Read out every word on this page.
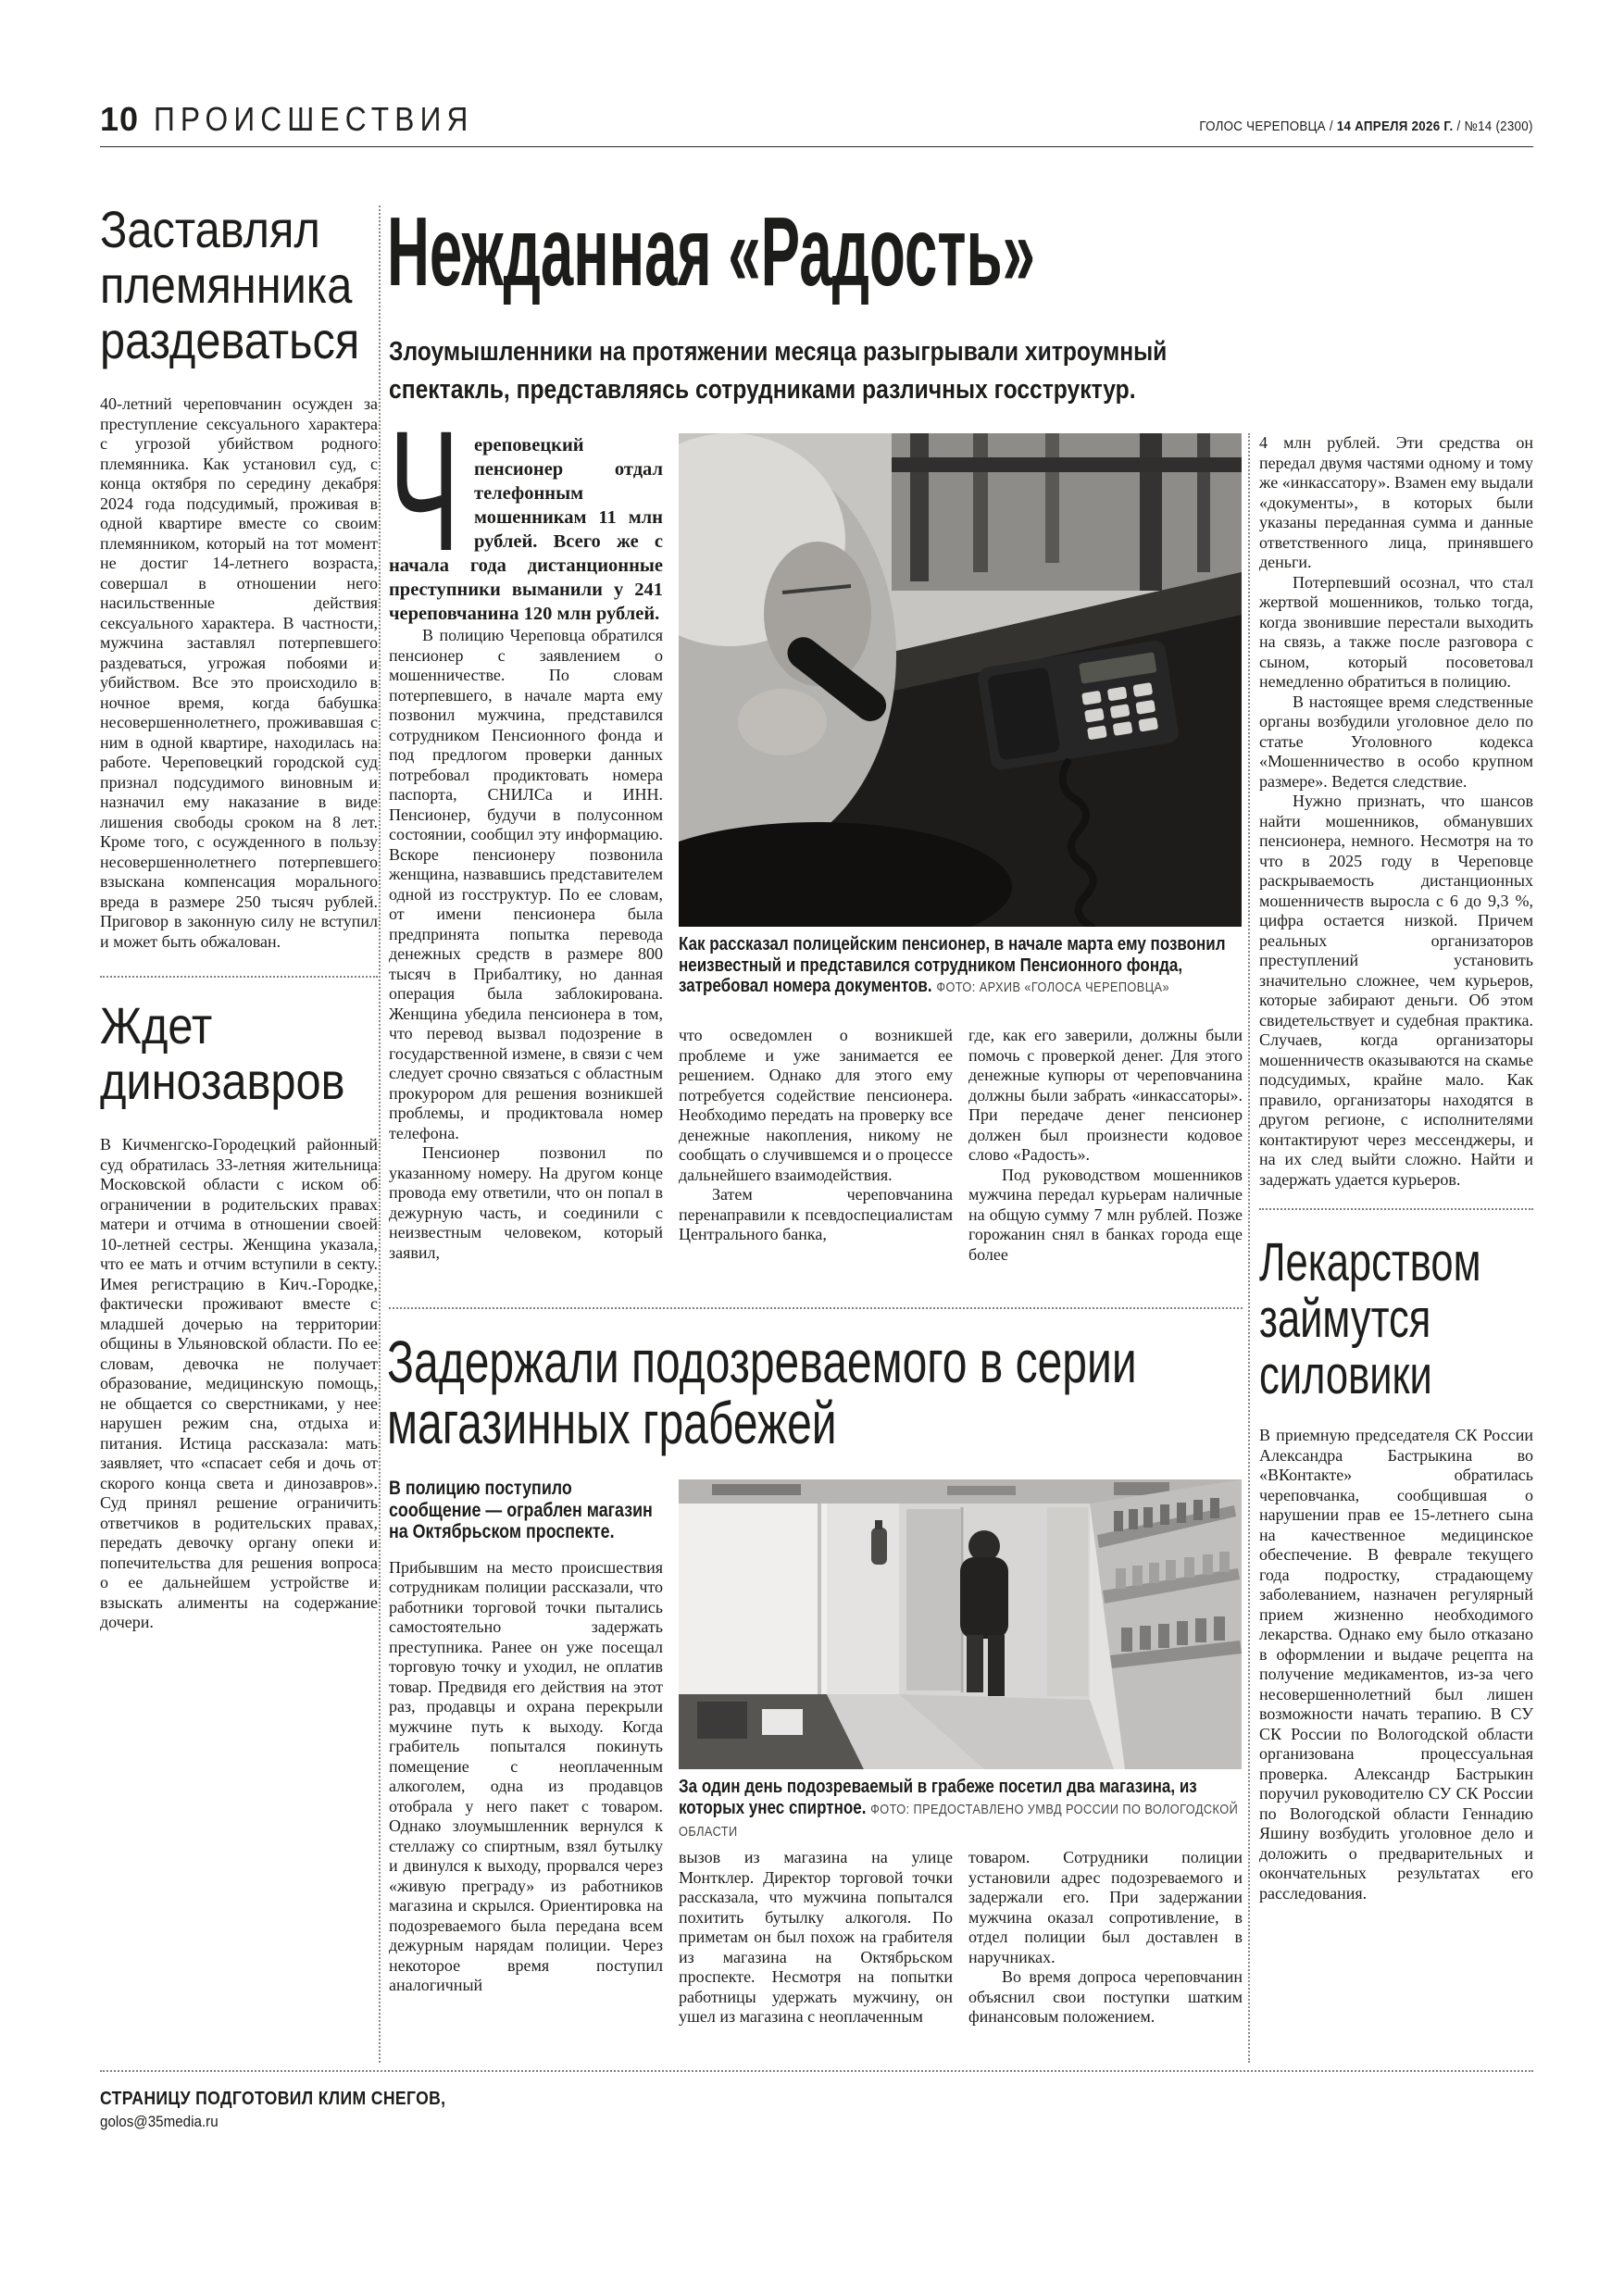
10 ПРОИСШЕСТВИЯ	ГОЛОС ЧЕРЕПОВЦА / 14 АПРЕЛЯ 2026 Г. / №14 (2300)
Заставлял племянника раздеваться

40-летний череповчанин осужден за преступление сексуального характера с угрозой убийством родного племянника. Как установил суд, с конца октября по середину декабря 2024 года подсудимый, проживая в одной квартире вместе со своим племянником, который на тот момент не достиг 14-летнего возраста, совершал в отношении него насильственные действия сексуального характера. В частности, мужчина заставлял потерпевшего раздеваться, угрожая побоями и убийством. Все это происходило в ночное время, когда бабушка несовершеннолетнего, проживавшая с ним в одной квартире, находилась на работе. Череповецкий городской суд признал подсудимого виновным и назначил ему наказание в виде лишения свободы сроком на 8 лет. Кроме того, с осужденного в пользу несовершеннолетнего потерпевшего взыскана компенсация морального вреда в размере 250 тысяч рублей. Приговор в законную силу не вступил и может быть обжалован.

Ждет динозавров

В Кичменгско-Городецкий районный суд обратилась 33-летняя жительница Московской области с иском об ограничении в родительских правах матери и отчима в отношении своей 10-летней сестры. Женщина указала, что ее мать и отчим вступили в секту. Имея регистрацию в Кич.-Городке, фактически проживают вместе с младшей дочерью на территории общины в Ульяновской области. По ее словам, девочка не получает образование, медицинскую помощь, не общается со сверстниками, у нее нарушен режим сна, отдыха и питания. Истица рассказала: мать заявляет, что «спасает себя и дочь от скорого конца света и динозавров». Суд принял решение ограничить ответчиков в родительских правах, передать девочку органу опеки и попечительства для решения вопроса о ее дальнейшем устройстве и взыскать алименты на содержание дочери.

Нежданная «Радость»
Злоумышленники на протяжении месяца разыгрывали хитроумный спектакль, представляясь сотрудниками различных госструктур.

Череповецкий пенсионер отдал телефонным мошенникам 11 млн рублей. Всего же с начала года дистанционные преступники выманили у 241 череповчанина 120 млн рублей.

В полицию Череповца обратился пенсионер с заявлением о мошенничестве. По словам потерпевшего, в начале марта ему позвонил мужчина, представился сотрудником Пенсионного фонда и под предлогом проверки данных потребовал продиктовать номера паспорта, СНИЛСа и ИНН. Пенсионер, будучи в полусонном состоянии, сообщил эту информацию. Вскоре пенсионеру позвонила женщина, назвавшись представителем одной из госструктур. По ее словам, от имени пенсионера была предпринята попытка перевода денежных средств в размере 800 тысяч в Прибалтику, но данная операция была заблокирована. Женщина убедила пенсионера в том, что перевод вызвал подозрение в государственной измене, в связи с чем следует срочно связаться с областным прокурором для решения возникшей проблемы, и продиктовала номер телефона.

Пенсионер позвонил по указанному номеру. На другом конце провода ему ответили, что он попал в дежурную часть, и соединили с неизвестным человеком, который заявил,

Как рассказал полицейским пенсионер, в начале марта ему позвонил неизвестный и представился сотрудником Пенсионного фонда, затребовал номера документов. ФОТО: АРХИВ «ГОЛОСА ЧЕРЕПОВЦА»

что осведомлен о возникшей проблеме и уже занимается ее решением. Однако для этого ему потребуется содействие пенсионера. Необходимо передать на проверку все денежные накопления, никому не сообщать о случившемся и о процессе дальнейшего взаимодействия.

Затем череповчанина перенаправили к псевдоспециалистам Центрального банка,

где, как его заверили, должны были помочь с проверкой денег. Для этого денежные купюры от череповчанина должны были забрать «инкассаторы». При передаче денег пенсионер должен был произнести кодовое слово «Радость».

Под руководством мошенников мужчина передал курьерам наличные на общую сумму 7 млн рублей. Позже горожанин снял в банках города еще более

4 млн рублей. Эти средства он передал двумя частями одному и тому же «инкассатору». Взамен ему выдали «документы», в которых были указаны переданная сумма и данные ответственного лица, принявшего деньги.

Потерпевший осознал, что стал жертвой мошенников, только тогда, когда звонившие перестали выходить на связь, а также после разговора с сыном, который посоветовал немедленно обратиться в полицию.

В настоящее время следственные органы возбудили уголовное дело по статье Уголовного кодекса «Мошенничество в особо крупном размере». Ведется следствие.

Нужно признать, что шансов найти мошенников, обманувших пенсионера, немного. Несмотря на то что в 2025 году в Череповце раскрываемость дистанционных мошенничеств выросла с 6 до 9,3 %, цифра остается низкой. Причем реальных организаторов преступлений установить значительно сложнее, чем курьеров, которые забирают деньги. Об этом свидетельствует и судебная практика. Случаев, когда организаторы мошенничеств оказываются на скамье подсудимых, крайне мало. Как правило, организаторы находятся в другом регионе, с исполнителями контактируют через мессенджеры, и на их след выйти сложно. Найти и задержать удается курьеров.

Лекарством займутся силовики

В приемную председателя СК России Александра Бастрыкина во «ВКонтакте» обратилась череповчанка, сообщившая о нарушении прав ее 15-летнего сына на качественное медицинское обеспечение. В феврале текущего года подростку, страдающему заболеванием, назначен регулярный прием жизненно необходимого лекарства. Однако ему было отказано в оформлении и выдаче рецепта на получение медикаментов, из-за чего несовершеннолетний был лишен возможности начать терапию. В СУ СК России по Вологодской области организована процессуальная проверка. Александр Бастрыкин поручил руководителю СУ СК России по Вологодской области Геннадию Яшину возбудить уголовное дело и доложить о предварительных и окончательных результатах его расследования.

Задержали подозреваемого в серии магазинных грабежей
В полицию поступило сообщение — ограблен магазин на Октябрьском проспекте.

Прибывшим на место происшествия сотрудникам полиции рассказали, что работники торговой точки пытались самостоятельно задержать преступника. Ранее он уже посещал торговую точку и уходил, не оплатив товар. Предвидя его действия на этот раз, продавцы и охрана перекрыли мужчине путь к выходу. Когда грабитель попытался покинуть помещение с неоплаченным алкоголем, одна из продавцов отобрала у него пакет с товаром. Однако злоумышленник вернулся к стеллажу со спиртным, взял бутылку и двинулся к выходу, прорвался через «живую преграду» из работников магазина и скрылся. Ориентировка на подозреваемого была передана всем дежурным нарядам полиции. Через некоторое время поступил аналогичный

За один день подозреваемый в грабеже посетил два магазина, из которых унес спиртное. ФОТО: ПРЕДОСТАВЛЕНО УМВД РОССИИ ПО ВОЛОГОДСКОЙ ОБЛАСТИ

вызов из магазина на улице Монтклер. Директор торговой точки рассказала, что мужчина попытался похитить бутылку алкоголя. По приметам он был похож на грабителя из магазина на Октябрьском проспекте. Несмотря на попытки работницы удержать мужчину, он ушел из магазина с неоплаченным

товаром. Сотрудники полиции установили адрес подозреваемого и задержали его. При задержании мужчина оказал сопротивление, в отдел полиции был доставлен в наручниках.

Во время допроса череповчанин объяснил свои поступки шатким финансовым положением.

СТРАНИЦУ ПОДГОТОВИЛ КЛИМ СНЕГОВ,
golos@35media.ru
